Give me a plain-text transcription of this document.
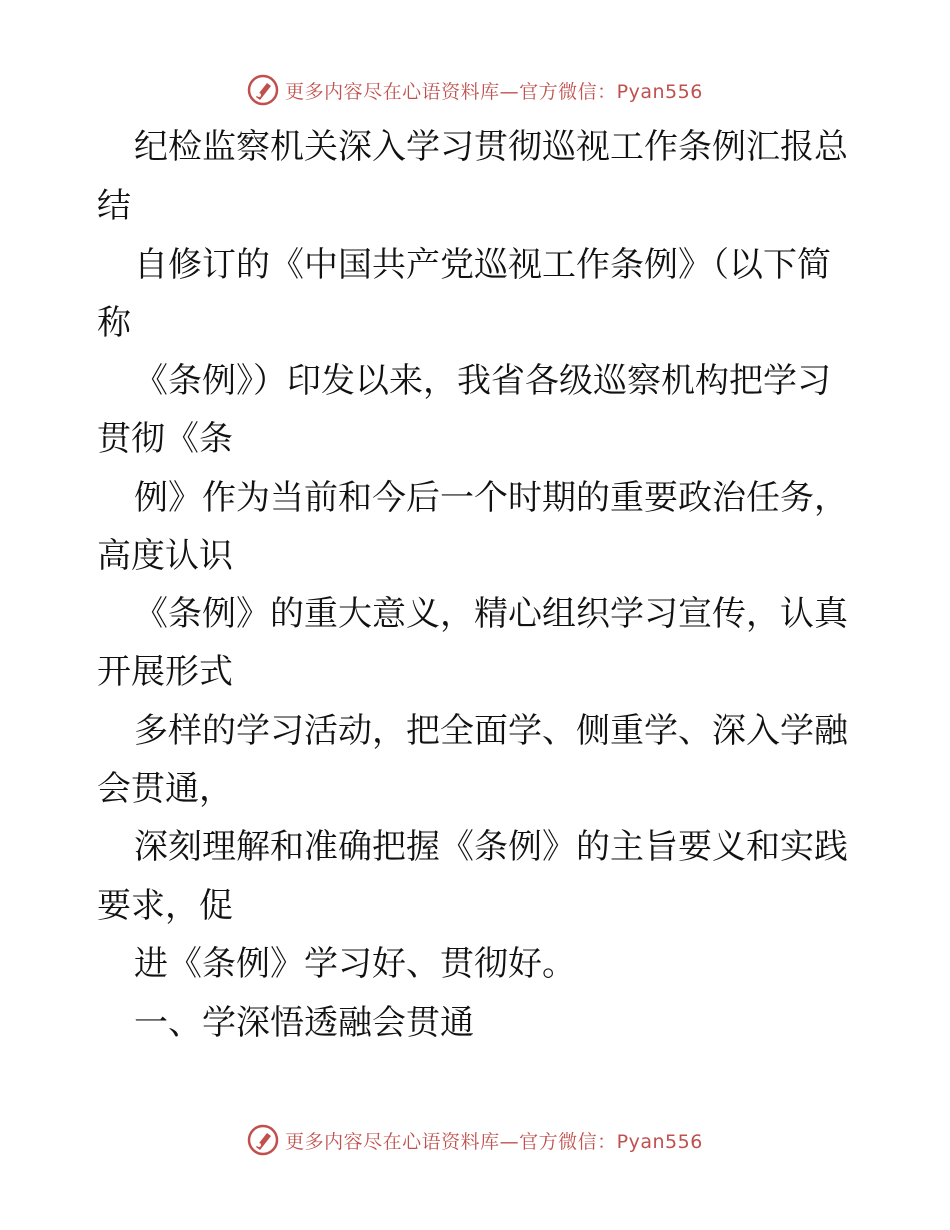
更多内容尽在心语资料库—官方微信：Pyan556
纪检监察机关深入学习贯彻巡视工作条例汇报总
结
自修订的《中国共产党巡视工作条例》（以下简
称
《条例》）印发以来，我省各级巡察机构把学习
贯彻《条
例》作为当前和今后一个时期的重要政治任务，
高度认识
《条例》的重大意义，精心组织学习宣传，认真
开展形式
多样的学习活动，把全面学、侧重学、深入学融
会贯通，
深刻理解和准确把握《条例》的主旨要义和实践
要求，促
进《条例》学习好、贯彻好。
一、学深悟透融会贯通
更多内容尽在心语资料库—官方微信：Pyan556
